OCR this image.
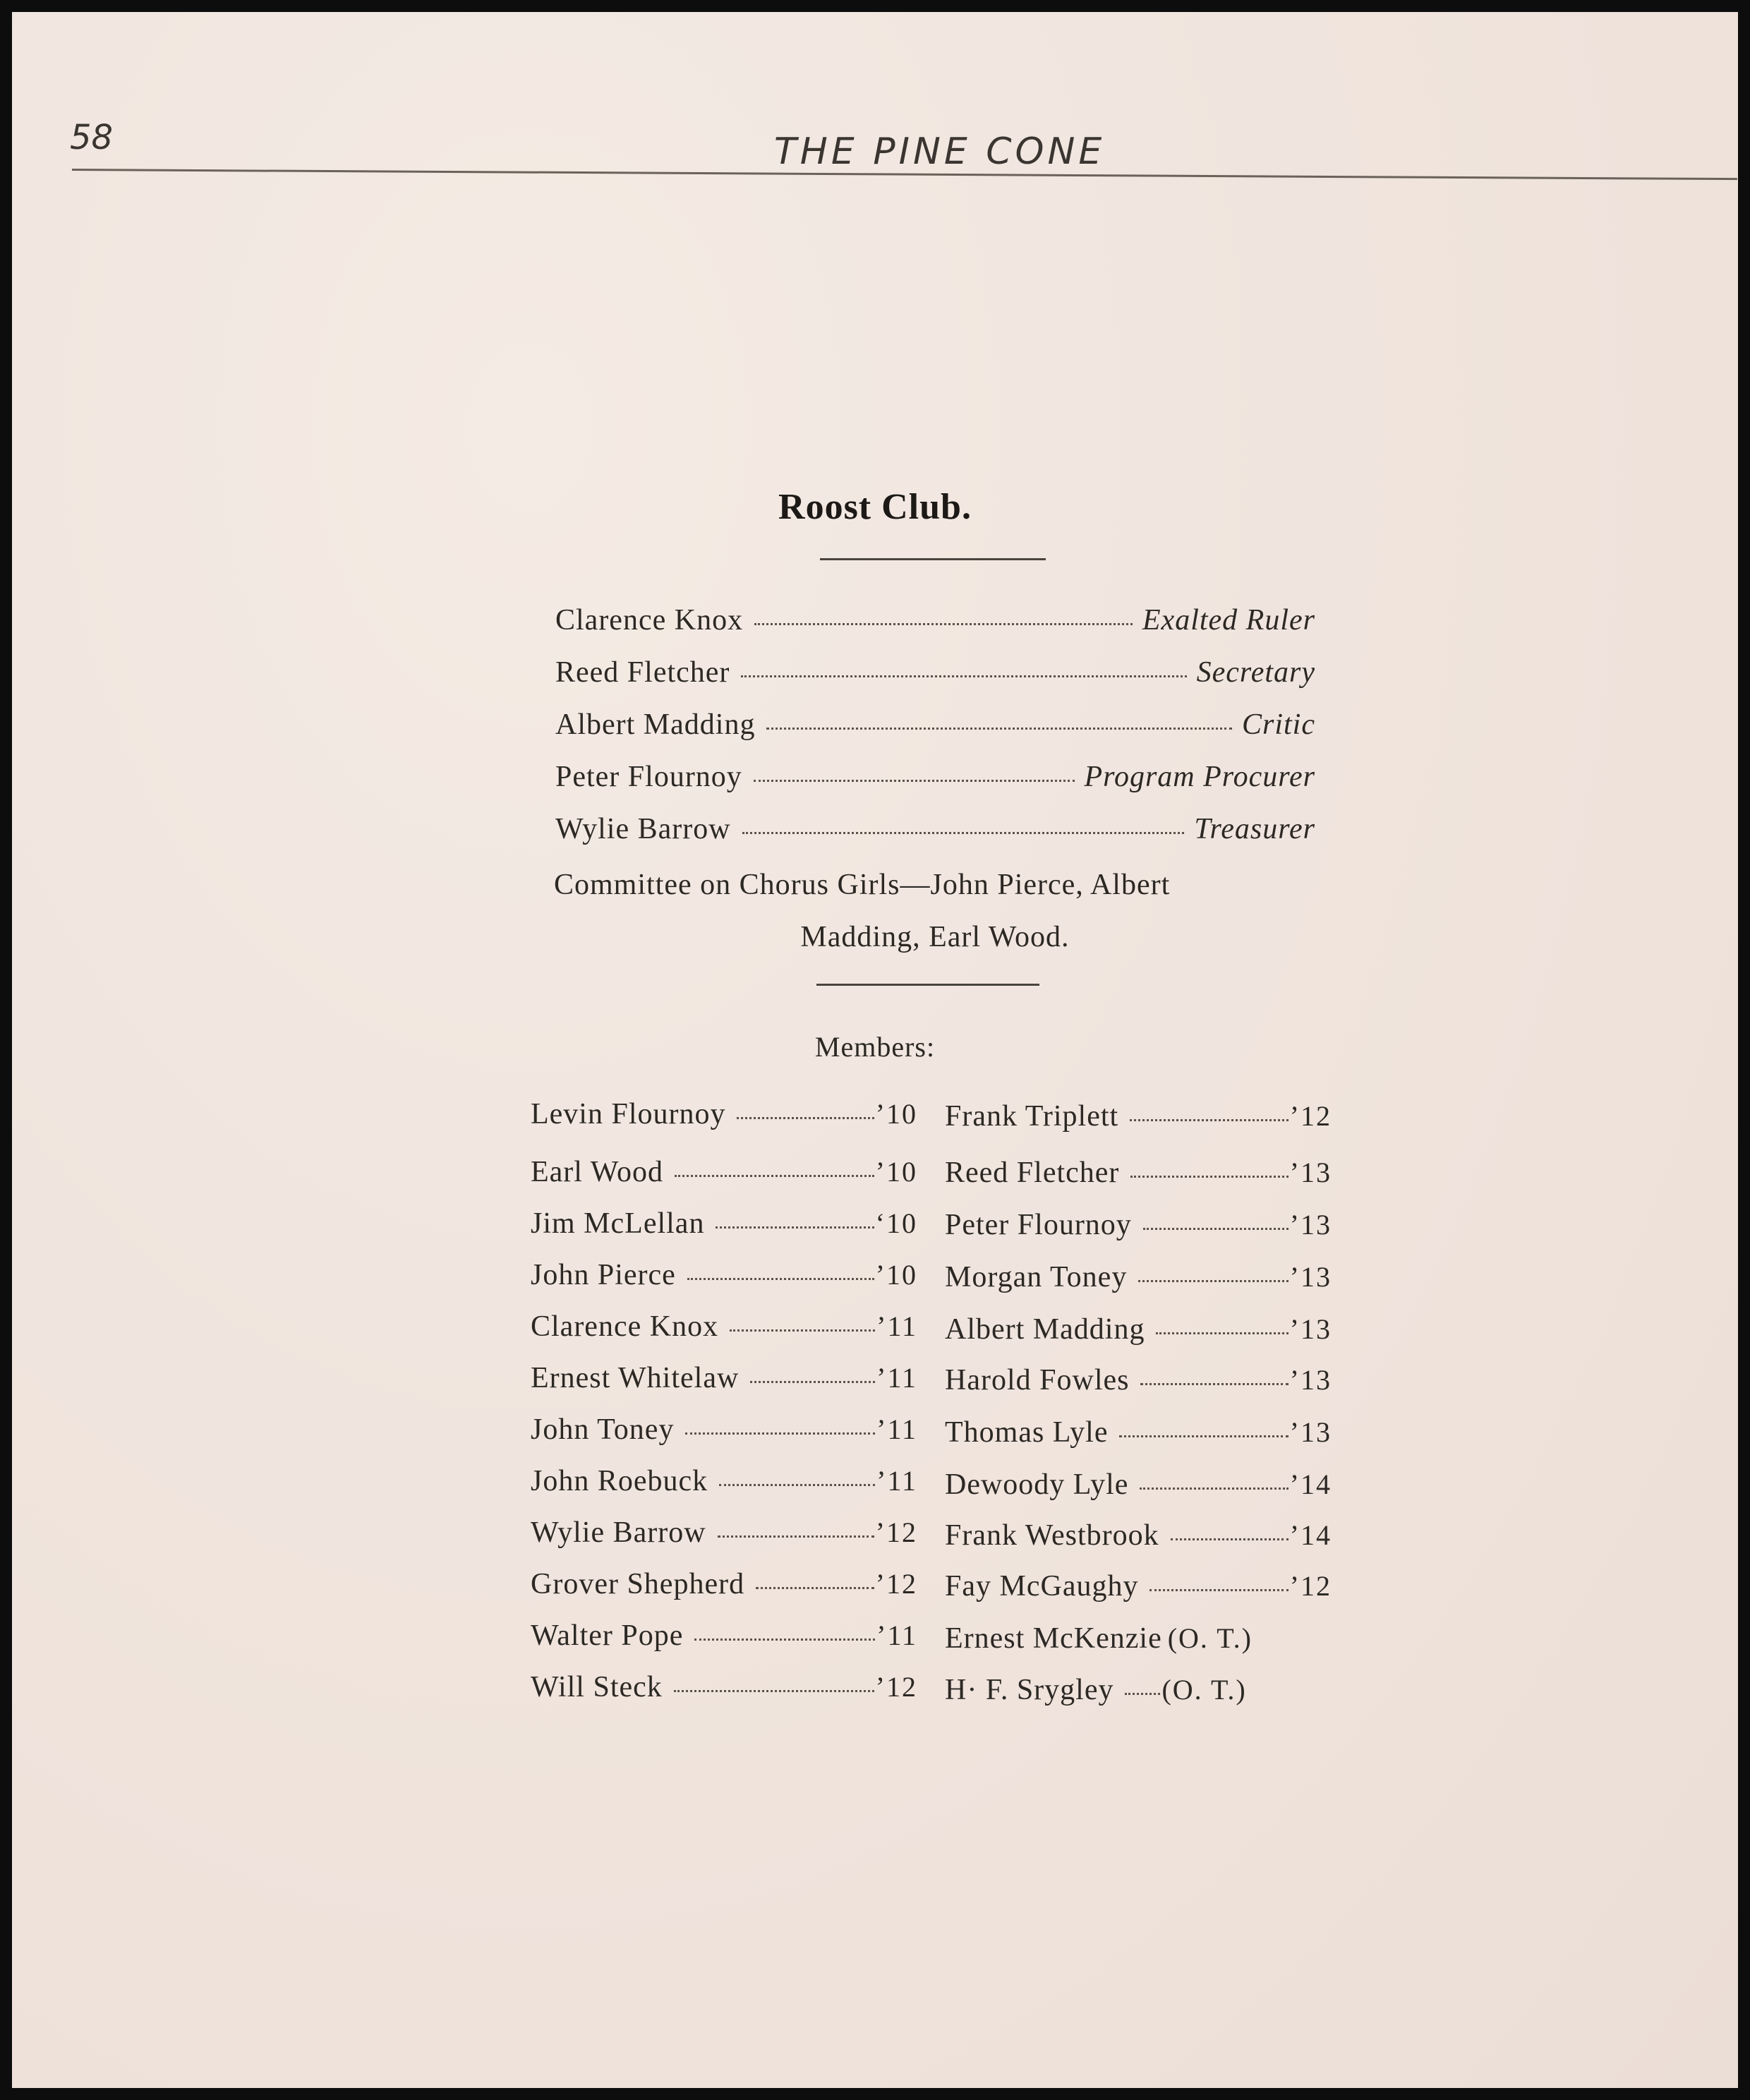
58	THE PINE CONE
Roost Club.
Clarence Knox	Exalted Ruler
Reed Fletcher	Secretary
Albert Madding	Critic
Peter Flournoy	Program Procurer
Wylie Barrow	Treasurer
Committee on Chorus Girls—John Pierce, Albert
Madding, Earl Wood.
Members:
Levin Flournoy	’10
Earl Wood	’10
Jim McLellan	‘10
John Pierce	’10
Clarence Knox	’11
Ernest Whitelaw	’11
John Toney	’11
John Roebuck	’11
Wylie Barrow	’12
Grover Shepherd	’12
Walter Pope	’11
Will Steck	’12
Frank Triplett	’12
Reed Fletcher	’13
Peter Flournoy	’13
Morgan Toney	’13
Albert Madding	’13
Harold Fowles	’13
Thomas Lyle	’13
Dewoody Lyle	’14
Frank Westbrook	’14
Fay McGaughy	’12
Ernest McKenzie (O. T.)
H· F. Srygley (O. T.)
